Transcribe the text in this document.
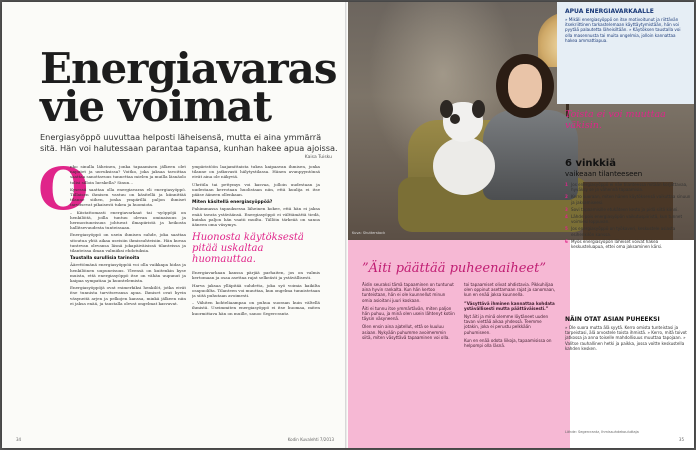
Energiavaras
vie voimat
Energiasyöppö uuvuttaa helposti läheisensä, mutta ei aina ymmärrä sitä. Hän voi halutessaan parantaa tapansa, kunhan hakee apua ajoissa.
Kaisa Tuisku
O

nko sinulla läheinen, jonka tapaamisen jälkeen olet naputet ja uuvuksissa? Voitko, joka jaksaa tavoittaa saattaa sanottavuus tunnettaa mielen ja muilla läsnäolo tulisi silloin lueskella? Sinun...

Kysessä saattaa olla energiavaras eli energiasyöppö. Tällaisen ihmisen vastuu on käsitellä ja kiinnittää tilanne siihen, jonka ympärillä paljon ihmiset tarvitsevat pikaisesti tukea ja huomiota.

– Kiistattomasti energiavarkaat tai -syöppöjä on henkilöitä, joilla tuntuu olevan ominaisuus ja hermostuneisuus johtuvat ilmapiiristä ja heikosta hallitsevuudesta tunteissaan.

Energiasyöppö on usein ihmisen suhde, joka saattaa sitoutua yhtä aikaa useisiin ihmissuhteisiin. Hän kuvaa tuntevan olevansa läsnä jokapäiväisissä tilanteissa ja tilanteissa ilman valmiiksi ehdotuksia.

Taustalla surullisia tarinoita

Äärettömänä energiasyöppöä voi olla vaikkapa hidas ja henkilöinen uupuneisuus. Yleensä on kuitenkin kyse muista, että energiasyöppö itse on vähän uupunut ja kaipaa sympatiaa ja kuuntelemista.

Energiasyöppöjä ovat esimerkiksi henkilöt, jotka eivät itse tunnista tarvitsevansa apua. Ihmiset ovat hyvin väsyneitä arjen ja pelkojen kanssa, minkä jälkeen niin ei jaksa enää, ja taustalla olevat ongelmat kasvavat.

ympäristöön laajamittaista tukea kaipaavan ihmisen, jonka tilanne on jatkuvasti hälytystilassa. Hänen avunpyyntönsä eivät aina ole näkyviä.

Uhritila tai pettymys voi kasvaa, jolloin uudestaan ja uudestaan kerrotaan huolistaan niin, että kuulija ei itse pääse ääneen ollenkaan.

Miten käsitellä energiasyöppöä?

Pahimmassa tapauksessa läheinen kokee, että hän ei jaksa enää tavata ystäväänsä. Energiasyöppö ei välttämättä tiedä, kuinka paljon hän vaatii muilta. Tällöin tärkeää on sanoa ääneen oma väsymys.

Huonosta käytöksestä pitää uskaltaa huomauttaa.

Energiavarkaan kanssa pärjää parhaiten, jos on valmis kertomaan ja osaa asettaa rajat selkeästi ja ystävällisesti.

Harva jaksaa ylläpitää suhdetta, joka syö voimia kaikilta osapuolilta. Tilanteen voi muuttaa, kun ongelma tunnistetaan ja siitä puhutaan avoimesti.

– Vähiten kohteliaampaa on puhua suoraan kuin vältellä ihmistä. Useimmiten energiasyöppö ei itse huomaa, miten kuormittava hän on muille, sanoo Segercrantz.

34	Kodin Kuvalehti 7/2013
Kuva: Shutterstock
”Äiti päättää puheenaiheet”

Äidin seuraksi tämä tapaaminen on tuntunut aina hyvin rankalta. Kun hän kertoo tunteistaan, hän ei ole kuunnellut minun omia asioitani juuri koskaan.

Äiti ei tunnu itse ymmärtävän, miten paljon hän puhuu, ja minä olen usein lähtenyt kotiin täysin väsyneenä.

Olen ensin aina ajatellut, että se kuuluu asiaan. Nykyään puhumme avoimemmin siitä, miten väsyttävä tapaaminen voi olla.

toi tapaamiset olivat ahdistavia. Pikkuhiljaa olen oppinut asettamaan rajat ja sanomaan, kun en enää jaksa kuunnella.

”Väsyttävä ihminen kannattaa kohdata ystävällisesti mutta päättäväisesti.”

Nyt äiti ja minä olemme löytäneet uuden tavan viettää aikaa yhdessä. Teemme jotakin, joka ei perustu pelkkään puhumiseen.

Kun en enää odota liikoja, tapaamisissa on helpompi olla läsnä.

APUA ENERGIAVARKAALLE

» Mikäli energiasyöppö on itse motivoitunut ja riittävän itsekriittinen tarkastelemaan käyttäytymistään, hän voi pyytää palautetta läheisiltään. » Käytöksen taustalla voi olla masennusta tai muita ongelmia, jolloin kannattaa hakea ammattiapua.

Toista ei voi muuttaa väkisin.
6 vinkkiä
vaikeaan tilanteeseen
1 Jos energiasyöppö ei näe tilanteessa mitään korjattavaa, hyväksy se ja vähennä tapaamisia.
2 Kerro suoraan, miten hänen käytöksensä vaikuttaa sinuun ja jaksamiseesi.
3 Sovi tapaamisille etukäteen kesto ja pidä siitä kiinni.
4 Lähde pois energiasyöpön vaikutuspiiristä, kun tunnet voimiesi loppuvan.
5 Jos energiasyöppö on työkaveri, keskustele asiasta esihenkilön kanssa.
6 Myös energiasyöpön läheiset voivat hakea keskusteluapua, ettei oma jaksaminen kärsi.
NÄIN OTAT ASIAN PUHEEKSI
» Ole suora mutta älä syytä. Kerro omista tunteistasi ja tarpeistasi, älä arvostele toista ihmistä. » Kerro, mitä toivot jatkossa ja anna toiselle mahdollisuus muuttaa tapojaan. » Valitse rauhallinen hetki ja paikka, jossa voitte keskustella kahden kesken.
Lähde: Segercrantz, Ihmissuhdekouluttaja
35
